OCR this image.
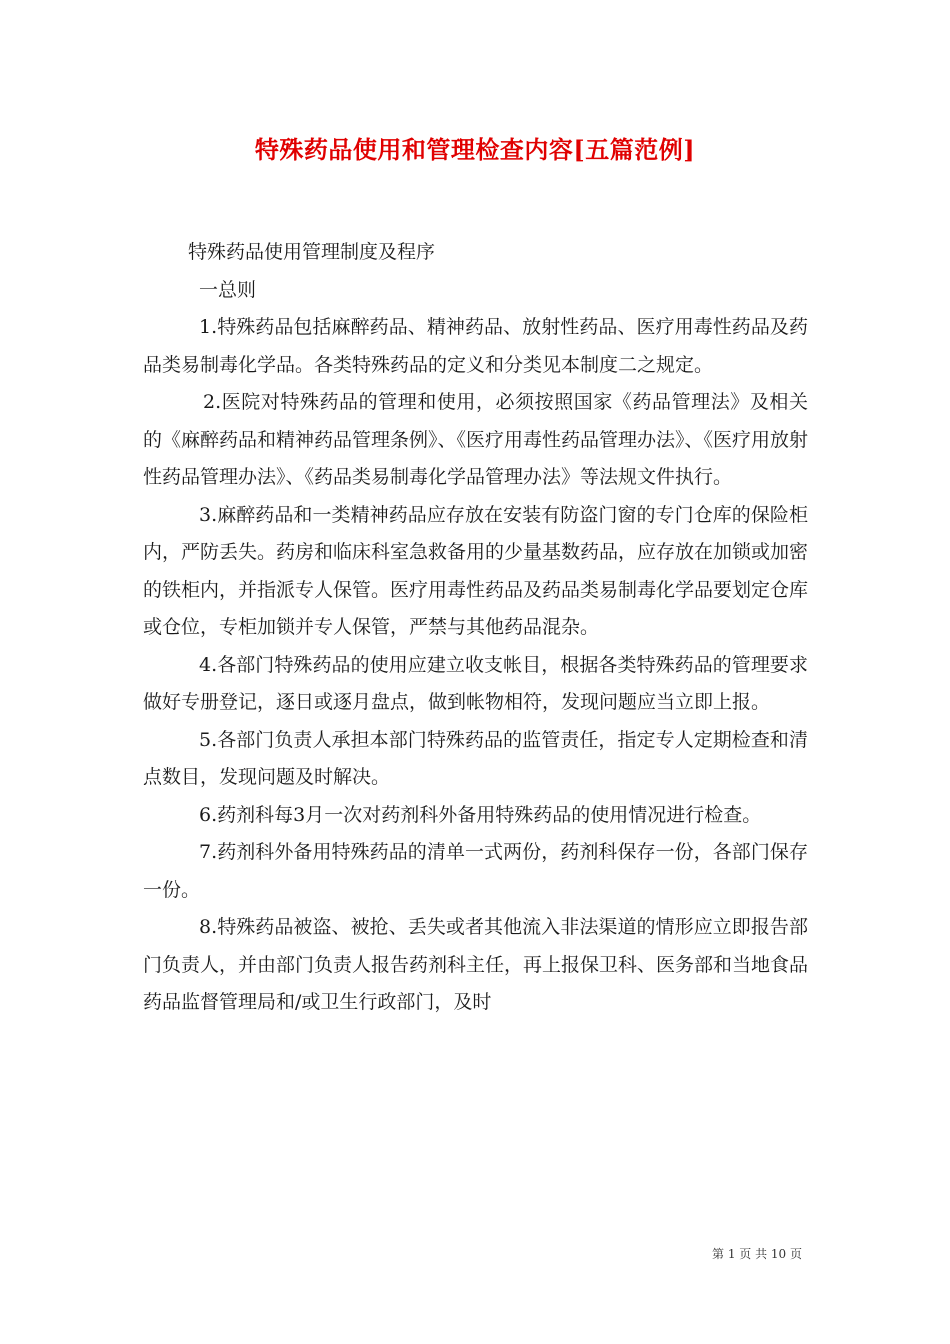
特殊药品使用和管理检查内容[五篇范例]

特殊药品使用管理制度及程序

一总则

1.特殊药品包括麻醉药品、精神药品、放射性药品、医疗用毒性药品及药品类易制毒化学品。各类特殊药品的定义和分类见本制度二之规定。

2.医院对特殊药品的管理和使用，必须按照国家《药品管理法》及相关的《麻醉药品和精神药品管理条例》、《医疗用毒性药品管理办法》、《医疗用放射性药品管理办法》、《药品类易制毒化学品管理办法》等法规文件执行。

3.麻醉药品和一类精神药品应存放在安装有防盗门窗的专门仓库的保险柜内，严防丢失。药房和临床科室急救备用的少量基数药品，应存放在加锁或加密的铁柜内，并指派专人保管。医疗用毒性药品及药品类易制毒化学品要划定仓库或仓位，专柜加锁并专人保管，严禁与其他药品混杂。

4.各部门特殊药品的使用应建立收支帐目，根据各类特殊药品的管理要求做好专册登记，逐日或逐月盘点，做到帐物相符，发现问题应当立即上报。

5.各部门负责人承担本部门特殊药品的监管责任，指定专人定期检查和清点数目，发现问题及时解决。

6.药剂科每3月一次对药剂科外备用特殊药品的使用情况进行检查。

7.药剂科外备用特殊药品的清单一式两份，药剂科保存一份，各部门保存一份。

8.特殊药品被盗、被抢、丢失或者其他流入非法渠道的情形应立即报告部门负责人，并由部门负责人报告药剂科主任，再上报保卫科、医务部和当地食品药品监督管理局和/或卫生行政部门，及时

第 1 页 共 10 页
